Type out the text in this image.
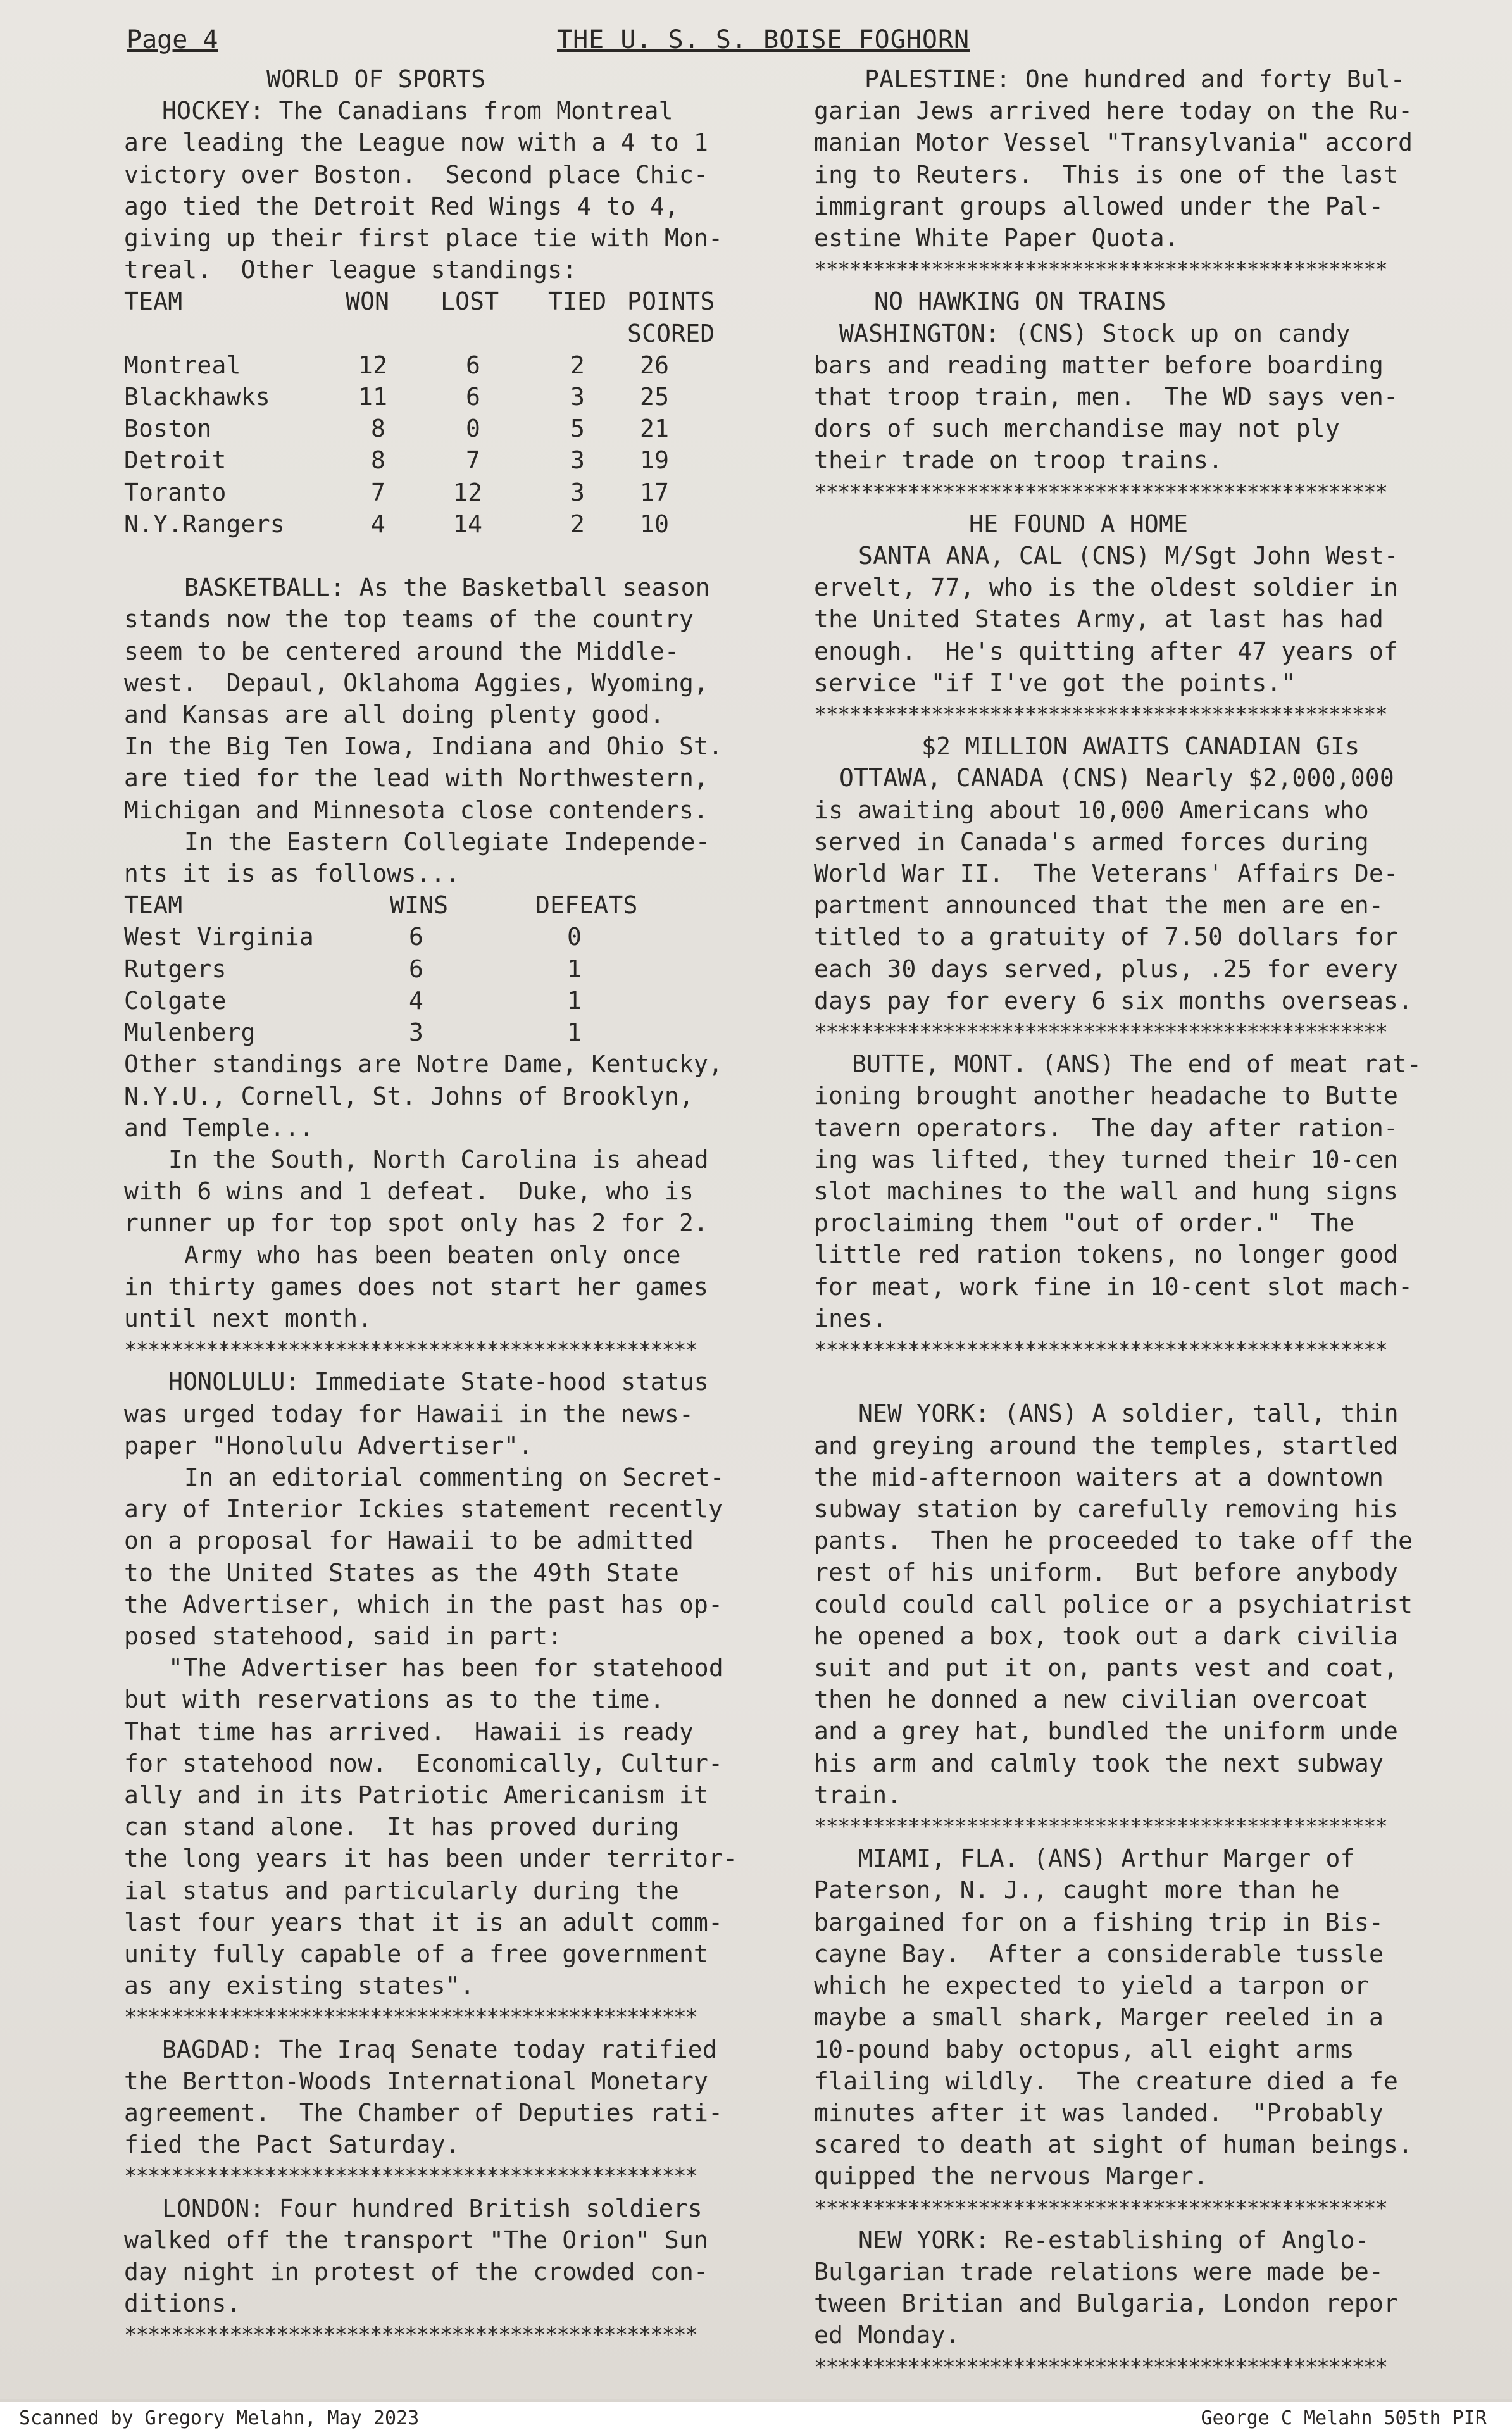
Page 4	THE U. S. S. BOISE FOGHORN

WORLD OF SPORTS

HOCKEY: The Canadians from Montreal

are leading the League now with a 4 to 1

victory over Boston.  Second place Chic-

ago tied the Detroit Red Wings 4 to 4,

giving up their first place tie with Mon-

treal.  Other league standings:

TEAM	WON	LOST	TIED	POINTS SCORED
Montreal	12	6	2	26
Blackhawks	11	6	3	25
Boston	8	0	5	21
Detroit	8	7	3	19
Toranto	7	12	3	17
N.Y.Rangers	4	14	2	10

BASKETBALL: As the Basketball season

stands now the top teams of the country

seem to be centered around the Middle-

west.  Depaul, Oklahoma Aggies, Wyoming,

and Kansas are all doing plenty good.

In the Big Ten Iowa, Indiana and Ohio St.

are tied for the lead with Northwestern,

Michigan and Minnesota close contenders.

In the Eastern Collegiate Independe-

nts it is as follows...

TEAM	WINS	DEFEATS
West Virginia	6	0
Rutgers	6	1
Colgate	4	1
Mulenberg	3	1

Other standings are Notre Dame, Kentucky,

N.Y.U., Cornell, St. Johns of Brooklyn,

and Temple...

In the South, North Carolina is ahead

with 6 wins and 1 defeat.  Duke, who is

runner up for top spot only has 2 for 2.

Army who has been beaten only once

in thirty games does not start her games

until next month.

*************************************************

HONOLULU: Immediate State-hood status

was urged today for Hawaii in the news-

paper "Honolulu Advertiser".

In an editorial commenting on Secret-

ary of Interior Ickies statement recently

on a proposal for Hawaii to be admitted

to the United States as the 49th State

the Advertiser, which in the past has op-

posed statehood, said in part:

"The Advertiser has been for statehood

but with reservations as to the time.

That time has arrived.  Hawaii is ready

for statehood now.  Economically, Cultur-

ally and in its Patriotic Americanism it

can stand alone.  It has proved during

the long years it has been under territor-

ial status and particularly during the

last four years that it is an adult comm-

unity fully capable of a free government

as any existing states".

*************************************************

BAGDAD: The Iraq Senate today ratified

the Bertton-Woods International Monetary

agreement.  The Chamber of Deputies rati-

fied the Pact Saturday.

*************************************************

LONDON: Four hundred British soldiers

walked off the transport "The Orion" Sun

day night in protest of the crowded con-

ditions.

*************************************************

PALESTINE: One hundred and forty Bul-

garian Jews arrived here today on the Ru-

manian Motor Vessel "Transylvania" accord

ing to Reuters.  This is one of the last

immigrant groups allowed under the Pal-

estine White Paper Quota.

*************************************************

NO HAWKING ON TRAINS

WASHINGTON: (CNS) Stock up on candy

bars and reading matter before boarding

that troop train, men.  The WD says ven-

dors of such merchandise may not ply

their trade on troop trains.

*************************************************

HE FOUND A HOME

SANTA ANA, CAL (CNS) M/Sgt John West-

ervelt, 77, who is the oldest soldier in

the United States Army, at last has had

enough.  He's quitting after 47 years of

service "if I've got the points."

*************************************************

$2 MILLION AWAITS CANADIAN GIs

OTTAWA, CANADA (CNS) Nearly $2,000,000

is awaiting about 10,000 Americans who

served in Canada's armed forces during

World War II.  The Veterans' Affairs De-

partment announced that the men are en-

titled to a gratuity of 7.50 dollars for

each 30 days served, plus, .25 for every

days pay for every 6 six months overseas.

*************************************************

BUTTE, MONT. (ANS) The end of meat rat-

ioning brought another headache to Butte

tavern operators.  The day after ration-

ing was lifted, they turned their 10-cen

slot machines to the wall and hung signs

proclaiming them "out of order."  The

little red ration tokens, no longer good

for meat, work fine in 10-cent slot mach-

ines.

*************************************************

NEW YORK: (ANS) A soldier, tall, thin

and greying around the temples, startled

the mid-afternoon waiters at a downtown

subway station by carefully removing his

pants.  Then he proceeded to take off the

rest of his uniform.  But before anybody

could could call police or a psychiatrist

he opened a box, took out a dark civilia

suit and put it on, pants vest and coat,

then he donned a new civilian overcoat

and a grey hat, bundled the uniform unde

his arm and calmly took the next subway

train.

*************************************************

MIAMI, FLA. (ANS) Arthur Marger of

Paterson, N. J., caught more than he

bargained for on a fishing trip in Bis-

cayne Bay.  After a considerable tussle

which he expected to yield a tarpon or

maybe a small shark, Marger reeled in a

10-pound baby octopus, all eight arms

flailing wildly.  The creature died a fe

minutes after it was landed.  "Probably

scared to death at sight of human beings.

quipped the nervous Marger.

*************************************************

NEW YORK: Re-establishing of Anglo-

Bulgarian trade relations were made be-

tween Britian and Bulgaria, London repor

ed Monday.

*************************************************

Scanned by Gregory Melahn, May 2023	George C Melahn 505th PIR
